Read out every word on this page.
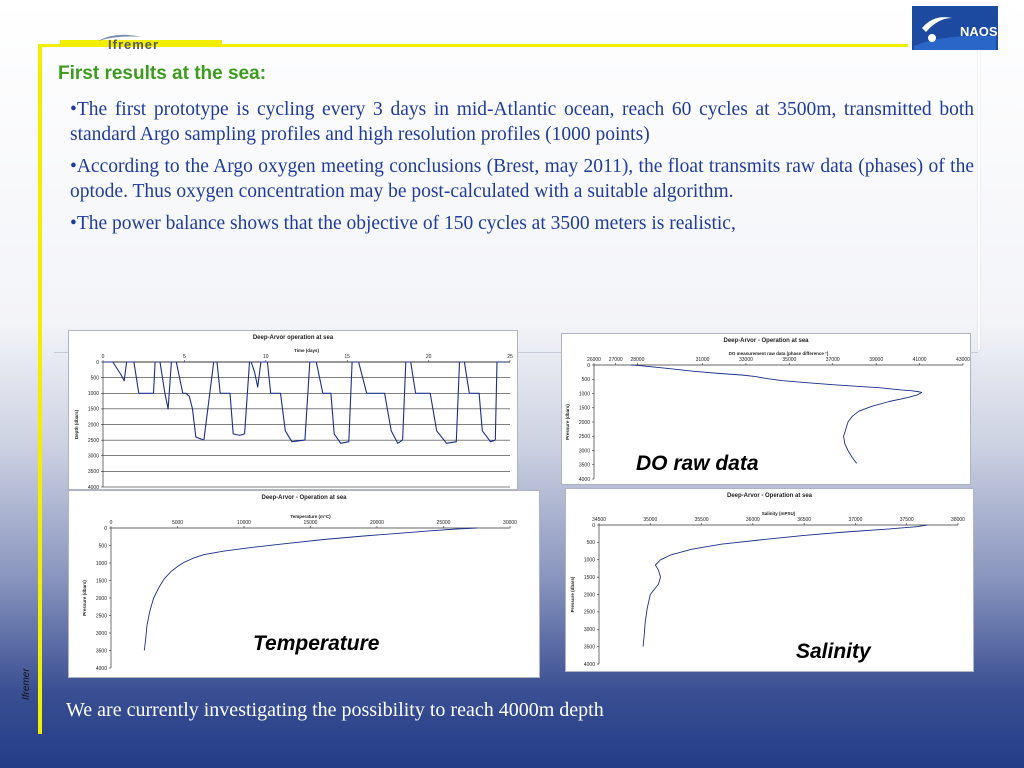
Ifremer
NAOS
First results at the sea:
•The first prototype is cycling every 3 days in mid-Atlantic ocean, reach 60 cycles at 3500m, transmitted both standard Argo sampling profiles and high resolution profiles (1000 points)
•According to the Argo oxygen meeting conclusions (Brest, may 2011), the float transmits raw data (phases) of the optode. Thus oxygen concentration may be post-calculated with a suitable algorithm.
•The power balance shows that the objective of 150 cycles at 3500 meters is realistic,
Deep-Arvor operation at sea
Time (days)
Depth (dbars)
0
500
1000
1500
2000
2500
3000
3500
4000
0	5	10	15	20	25
Deep-Arvor - Operation at sea
DO measurement raw data (phase difference °)
Pressure (dbars)
0
500
1000
1500
2000
2500
3000
3500
4000
26000 27000 28000	31000	33000	35000	37000	39000	41000	43000
Deep-Arvor - Operation at sea
Temperature (m°C)
Pressure (dbars)
0
500
1000
1500
2000
2500
3000
3500
4000
0	5000	10000	15000	20000	25000	30000
Deep-Arvor - Operation at sea
Salinity (mPSU)
Pressure (dbars)
0
500
1000
1500
2000
2500
3000
3500
4000
34500	35000	35500	36000	36500	37000	37500	38000
DO raw data
Temperature	Salinity
Ifremer

We are currently investigating the possibility to reach 4000m depth
